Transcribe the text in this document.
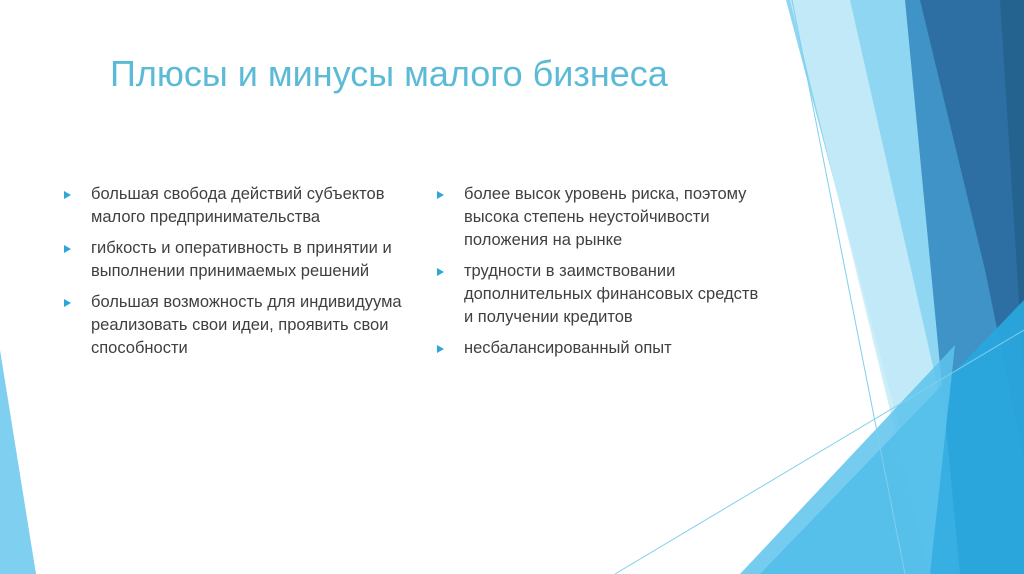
Плюсы и минусы малого бизнеса
большая свобода действий субъектов малого предпринимательства
гибкость и оперативность в принятии и выполнении принимаемых решений
большая возможность для индивидуума реализовать свои идеи, проявить свои способности
более высок уровень риска, поэтому высока степень неустойчивости положения на рынке
трудности в заимствовании дополнительных финансовых средств и получении кредитов
несбалансированный опыт
